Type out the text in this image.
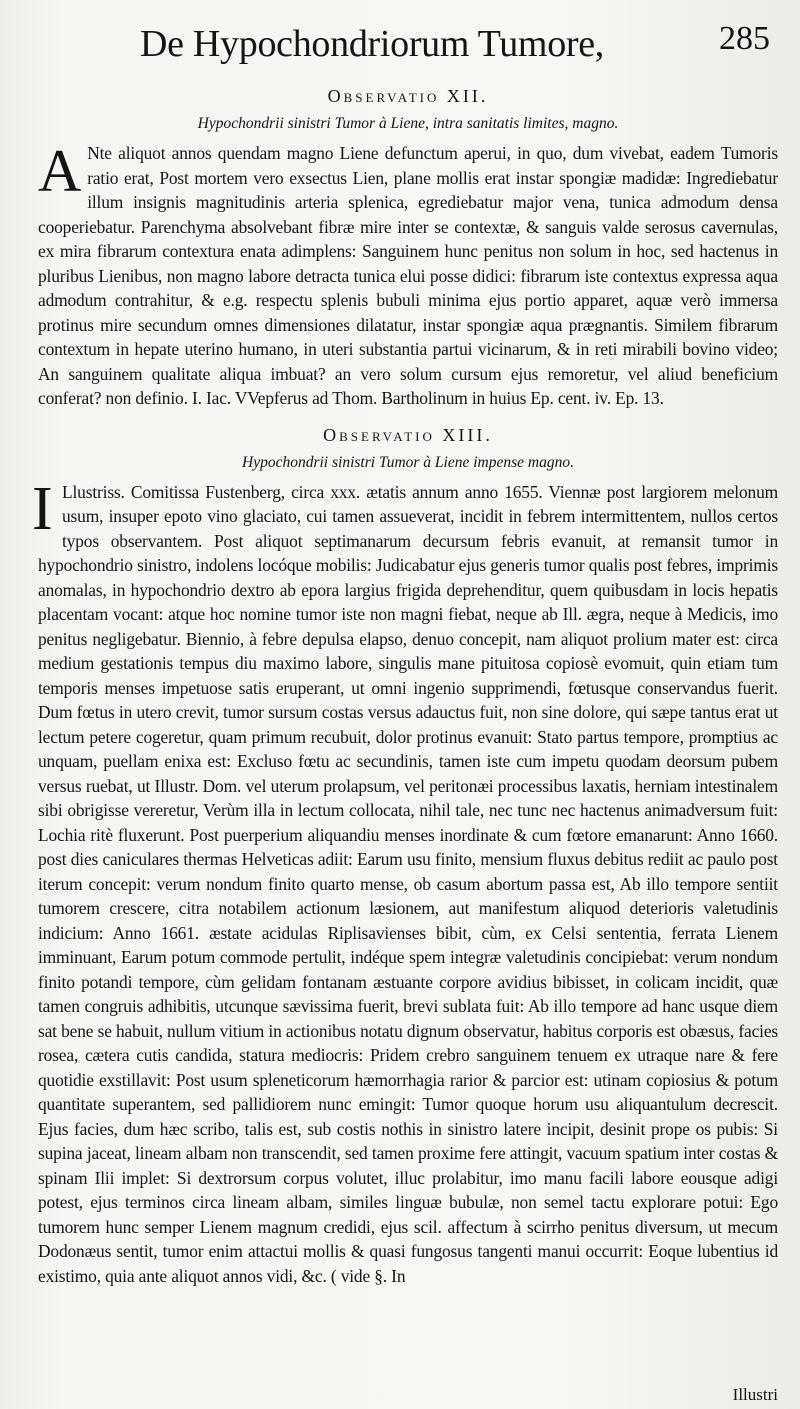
De Hypochondriorum Tumore,	285
Observatio XII.
Hypochondrii sinistri Tumor à Liene, intra sanitatis limites, magno.

A Nte aliquot annos quendam magno Liene defunctum aperui, in quo, dum vivebat, eadem Tumoris ratio erat, Post mortem vero exsectus Lien, plane mollis erat instar spongiæ madidæ: Ingrediebatur illum insignis magnitudinis arteria splenica, egrediebatur major vena, tunica admodum densa cooperiebatur. Parenchyma absolvebant fibræ mire inter se contextæ, & sanguis valde serosus cavernulas, ex mira fibrarum contextura enata adimplens: Sanguinem hunc penitus non solum in hoc, sed hactenus in pluribus Lienibus, non magno labore detracta tunica elui posse didici: fibrarum iste contextus expressa aqua admodum contrahitur, & e.g. respectu splenis bubuli minima ejus portio apparet, aquæ verò immersa protinus mire secundum omnes dimensiones dilatatur, instar spongiæ aqua prægnantis. Similem fibrarum contextum in hepate uterino humano, in uteri substantia partui vicinarum, & in reti mirabili bovino video; An sanguinem qualitate aliqua imbuat? an vero solum cursum ejus remoretur, vel aliud beneficium conferat? non definio. I. Iac. VVepferus ad Thom. Bartholinum in huius Ep. cent. iv. Ep. 13.

Observatio XIII.
Hypochondrii sinistri Tumor à Liene impense magno.

I Llustriss. Comitissa Fustenberg, circa xxx. ætatis annum anno 1655. Viennæ post largiorem melonum usum, insuper epoto vino glaciato, cui tamen assueverat, incidit in febrem intermittentem, nullos certos typos observantem. Post aliquot septimanarum decursum febris evanuit, at remansit tumor in hypochondrio sinistro, indolens locóque mobilis: Judicabatur ejus generis tumor qualis post febres, imprimis anomalas, in hypochondrio dextro ab epora largius frigida deprehenditur, quem quibusdam in locis hepatis placentam vocant: atque hoc nomine tumor iste non magni fiebat, neque ab Ill. ægra, neque à Medicis, imo penitus negligebatur. Biennio, à febre depulsa elapso, denuo concepit, nam aliquot prolium mater est: circa medium gestationis tempus diu maximo labore, singulis mane pituitosa copiosè evomuit, quin etiam tum temporis menses impetuose satis eruperant, ut omni ingenio supprimendi, fœtusque conservandus fuerit. Dum fœtus in utero crevit, tumor sursum costas versus adauctus fuit, non sine dolore, qui sæpe tantus erat ut lectum petere cogeretur, quam primum recubuit, dolor protinus evanuit: Stato partus tempore, promptius ac unquam, puellam enixa est: Excluso fœtu ac secundinis, tamen iste cum impetu quodam deorsum pubem versus ruebat, ut Illustr. Dom. vel uterum prolapsum, vel peritonæi processibus laxatis, herniam intestinalem sibi obrigisse vereretur, Verùm illa in lectum collocata, nihil tale, nec tunc nec hactenus animadversum fuit: Lochia ritè fluxerunt. Post puerperium aliquandiu menses inordinate & cum fœtore emanarunt: Anno 1660. post dies caniculares thermas Helveticas adiit: Earum usu finito, mensium fluxus debitus rediit ac paulo post iterum concepit: verum nondum finito quarto mense, ob casum abortum passa est, Ab illo tempore sentiit tumorem crescere, citra notabilem actionum læsionem, aut manifestum aliquod deterioris valetudinis indicium: Anno 1661. æstate acidulas Riplisavienses bibit, cùm, ex Celsi sententia, ferrata Lienem imminuant, Earum potum commode pertulit, indéque spem integræ valetudinis concipiebat: verum nondum finito potandi tempore, cùm gelidam fontanam æstuante corpore avidius bibisset, in colicam incidit, quæ tamen congruis adhibitis, utcunque sævissima fuerit, brevi sublata fuit: Ab illo tempore ad hanc usque diem sat bene se habuit, nullum vitium in actionibus notatu dignum observatur, habitus corporis est obæsus, facies rosea, cætera cutis candida, statura mediocris: Pridem crebro sanguinem tenuem ex utraque nare & fere quotidie exstillavit: Post usum spleneticorum hæmorrhagia rarior & parcior est: utinam copiosius & potum quantitate superantem, sed pallidiorem nunc emingit: Tumor quoque horum usu aliquantulum decrescit. Ejus facies, dum hæc scribo, talis est, sub costis nothis in sinistro latere incipit, desinit prope os pubis: Si supina jaceat, lineam albam non transcendit, sed tamen proxime fere attingit, vacuum spatium inter costas & spinam Ilii implet: Si dextrorsum corpus volutet, illuc prolabitur, imo manu facili labore eousque adigi potest, ejus terminos circa lineam albam, similes linguæ bubulæ, non semel tactu explorare potui: Ego tumorem hunc semper Lienem magnum credidi, ejus scil. affectum à scirrho penitus diversum, ut mecum Dodonæus sentit, tumor enim attactui mollis & quasi fungosus tangenti manui occurrit: Eoque lubentius id existimo, quia ante aliquot annos vidi, &c. ( vide §. In

Illustri
